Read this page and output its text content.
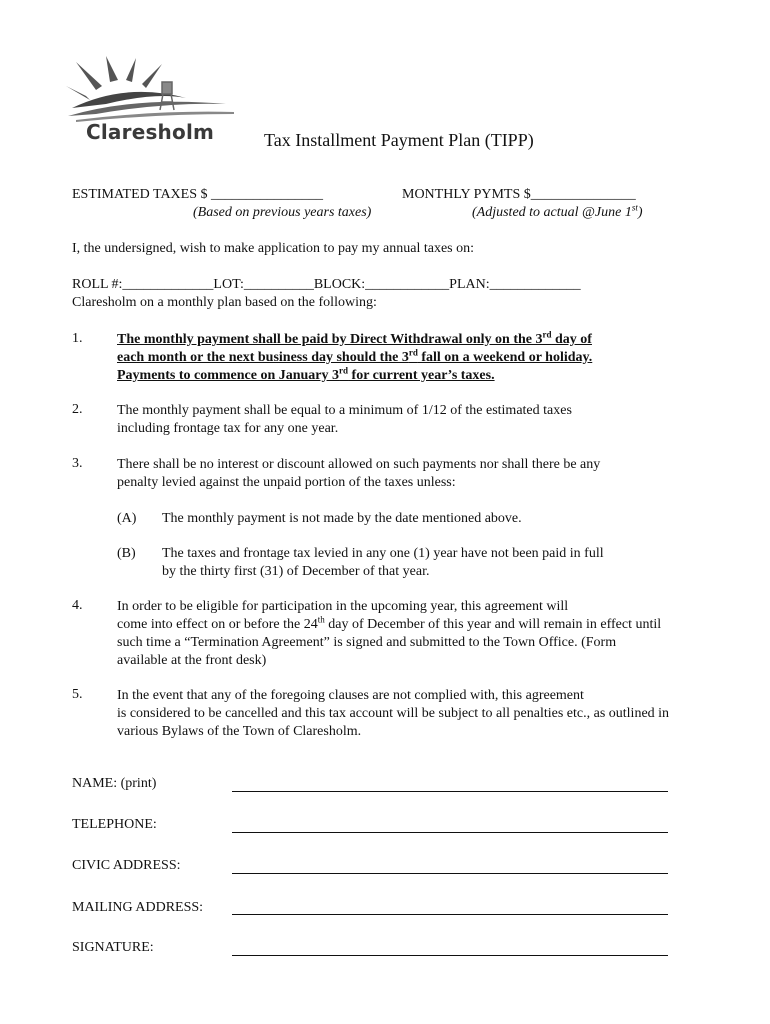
Claresholm	Tax Installment Payment Plan (TIPP)
ESTIMATED TAXES $ ________________
(Based on previous years taxes)
MONTHLY PYMTS $_______________
(Adjusted to actual @June 1st)
I, the undersigned, wish to make application to pay my annual taxes on:
ROLL #:_____________LOT:__________BLOCK:____________PLAN:_____________
Claresholm on a monthly plan based on the following:
1. The monthly payment shall be paid by Direct Withdrawal only on the 3rd day of
each month or the next business day should the 3rd fall on a weekend or holiday.
Payments to commence on January 3rd for current year’s taxes.
2. The monthly payment shall be equal to a minimum of 1/12 of the estimated taxes
including frontage tax for any one year.
3. There shall be no interest or discount allowed on such payments nor shall there be any
penalty levied against the unpaid portion of the taxes unless:
(A) The monthly payment is not made by the date mentioned above.
(B) The taxes and frontage tax levied in any one (1) year have not been paid in full
by the thirty first (31) of December of that year.
4. In order to be eligible for participation in the upcoming year, this agreement will
come into effect on or before the 24th day of December of this year and will remain in effect until
such time a “Termination Agreement” is signed and submitted to the Town Office. (Form
available at the front desk)
5. In the event that any of the foregoing clauses are not complied with, this agreement
is considered to be cancelled and this tax account will be subject to all penalties etc., as outlined in
various Bylaws of the Town of Claresholm.
NAME: (print)
TELEPHONE:
CIVIC ADDRESS:
MAILING ADDRESS:
SIGNATURE:
